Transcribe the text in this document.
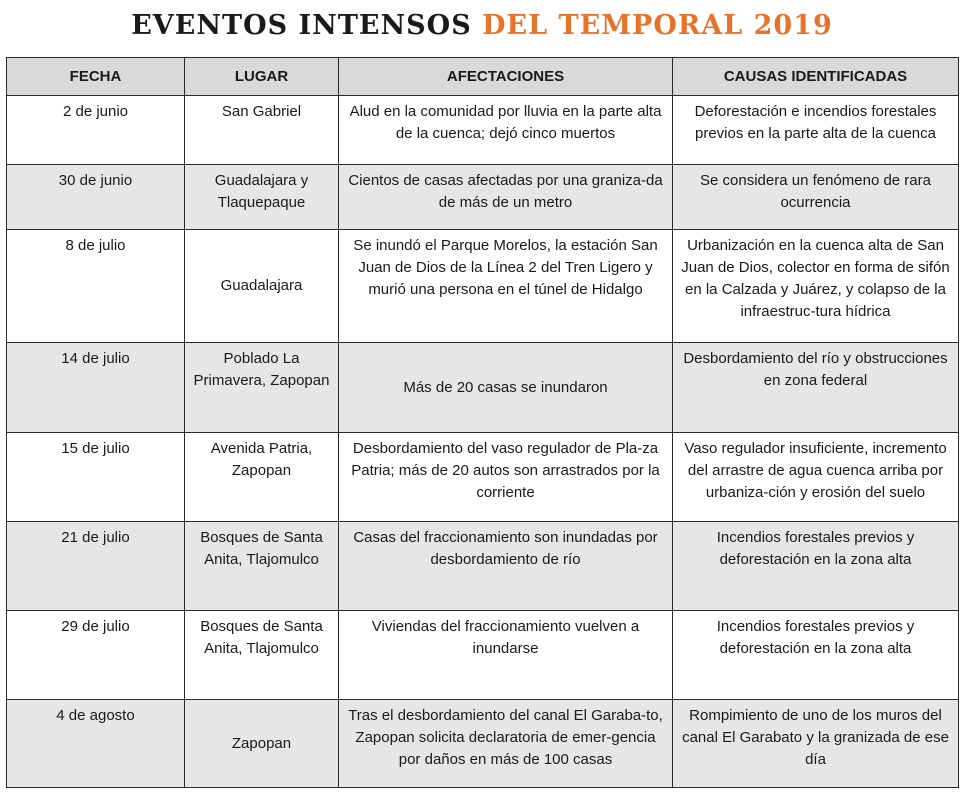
EVENTOS INTENSOS DEL TEMPORAL 2019
FECHA	LUGAR	AFECTACIONES	CAUSAS IDENTIFICADAS
2 de junio	San Gabriel	Alud en la comunidad por lluvia en la parte alta de la cuenca; dejó cinco muertos	Deforestación e incendios forestales previos en la parte alta de la cuenca
30 de junio	Guadalajara y Tlaquepaque	Cientos de casas afectadas por una graniza-da de más de un metro	Se considera un fenómeno de rara ocurrencia
8 de julio	Guadalajara	Se inundó el Parque Morelos, la estación San Juan de Dios de la Línea 2 del Tren Ligero y murió una persona en el túnel de Hidalgo	Urbanización en la cuenca alta de San Juan de Dios, colector en forma de sifón en la Calzada y Juárez, y colapso de la infraestruc-tura hídrica
14 de julio	Poblado La Primavera, Zapopan	Más de 20 casas se inundaron	Desbordamiento del río y obstrucciones en zona federal
15 de julio	Avenida Patria, Zapopan	Desbordamiento del vaso regulador de Pla-za Patria; más de 20 autos son arrastrados por la corriente	Vaso regulador insuficiente, incremento del arrastre de agua cuenca arriba por urbaniza-ción y erosión del suelo
21 de julio	Bosques de Santa Anita, Tlajomulco	Casas del fraccionamiento son inundadas por desbordamiento de río	Incendios forestales previos y deforestación en la zona alta
29 de julio	Bosques de Santa Anita, Tlajomulco	Viviendas del fraccionamiento vuelven a inundarse	Incendios forestales previos y deforestación en la zona alta
4 de agosto	Zapopan	Tras el desbordamiento del canal El Garaba-to, Zapopan solicita declaratoria de emer-gencia por daños en más de 100 casas	Rompimiento de uno de los muros del canal El Garabato y la granizada de ese día
